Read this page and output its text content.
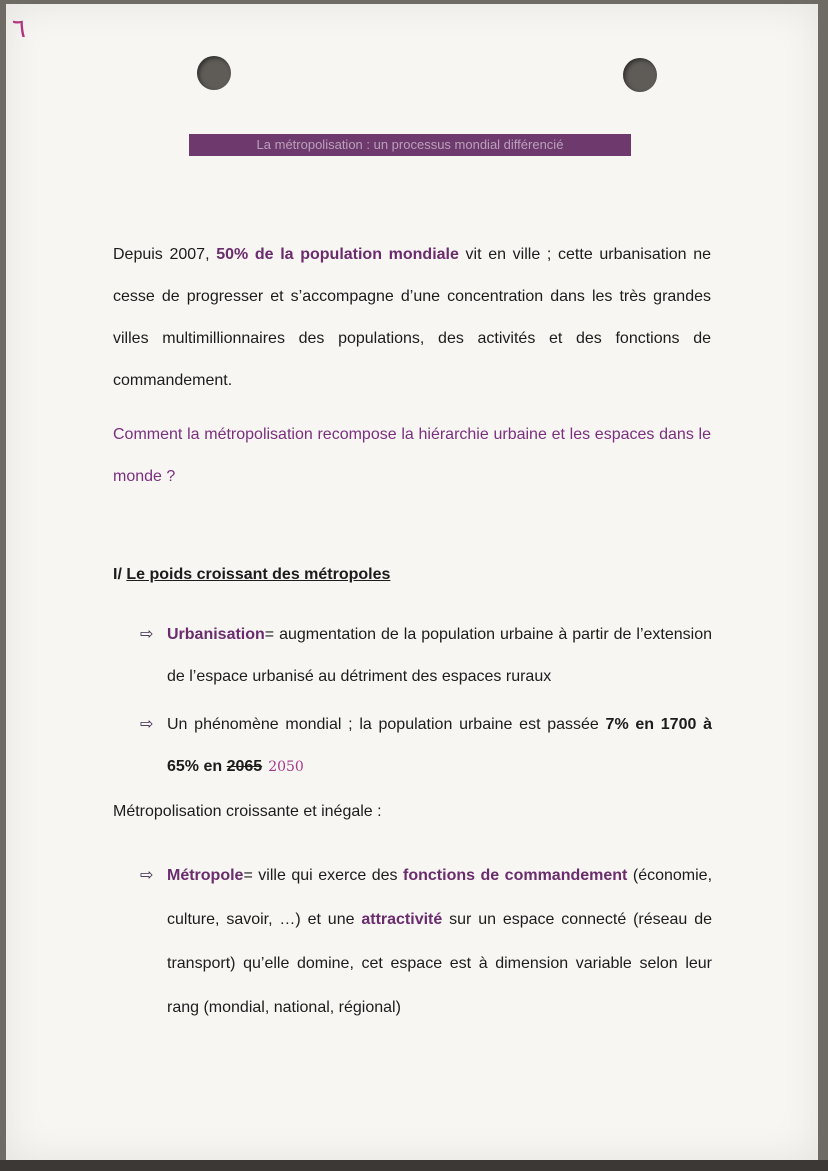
٦
La métropolisation : un processus mondial différencié

Depuis 2007, 50% de la population mondiale vit en ville ; cette urbanisation ne cesse de progresser et s’accompagne d’une concentration dans les très grandes villes multimillionnaires des populations, des activités et des fonctions de commandement.

Comment la métropolisation recompose la hiérarchie urbaine et les espaces dans le monde ?

I/ Le poids croissant des métropoles
⇨ Urbanisation= augmentation de la population urbaine à partir de l’extension de l’espace urbanisé au détriment des espaces ruraux
⇨ Un phénomène mondial ; la population urbaine est passée 7% en 1700 à 65% en 2065 2050
Métropolisation croissante et inégale :
⇨ Métropole= ville qui exerce des fonctions de commandement (économie, culture, savoir, …) et une attractivité sur un espace connecté (réseau de transport) qu’elle domine, cet espace est à dimension variable selon leur rang (mondial, national, régional)
